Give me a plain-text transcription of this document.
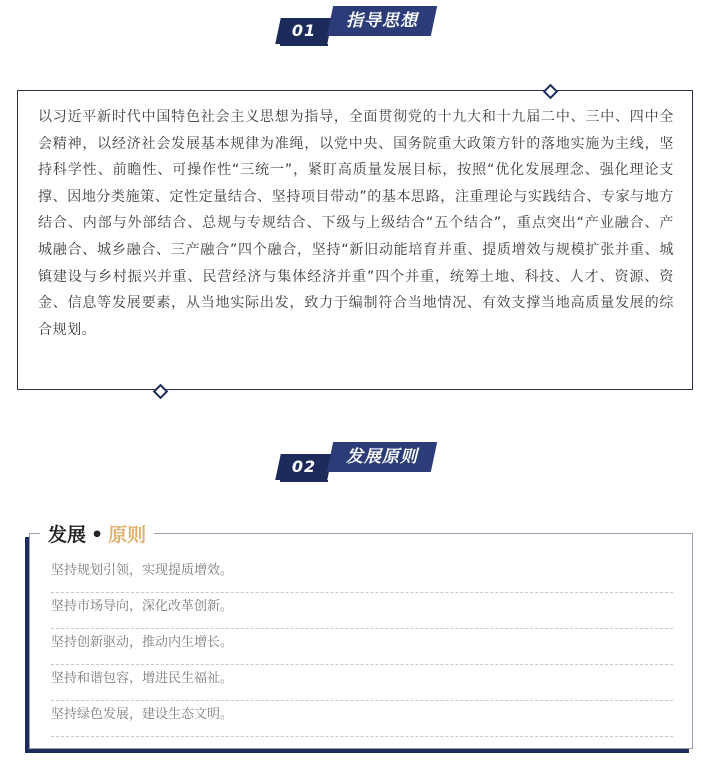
01	指导思想

以习近平新时代中国特色社会主义思想为指导，全面贯彻党的十九大和十九届二中、三中、四中全会精神，以经济社会发展基本规律为准绳，以党中央、国务院重大政策方针的落地实施为主线，坚持科学性、前瞻性、可操作性“三统一”，紧盯高质量发展目标，按照“优化发展理念、强化理论支撑、因地分类施策、定性定量结合、坚持项目带动”的基本思路，注重理论与实践结合、专家与地方结合、内部与外部结合、总规与专规结合、下级与上级结合“五个结合”，重点突出“产业融合、产城融合、城乡融合、三产融合”四个融合，坚持“新旧动能培育并重、提质增效与规模扩张并重、城镇建设与乡村振兴并重、民营经济与集体经济并重”四个并重，统筹土地、科技、人才、资源、资金、信息等发展要素，从当地实际出发，致力于编制符合当地情况、有效支撑当地高质量发展的综合规划。

02	发展原则
发展 • 原则
坚持规划引领，实现提质增效。
坚持市场导向，深化改革创新。
坚持创新驱动，推动内生增长。
坚持和谐包容，增进民生福祉。
坚持绿色发展，建设生态文明。
